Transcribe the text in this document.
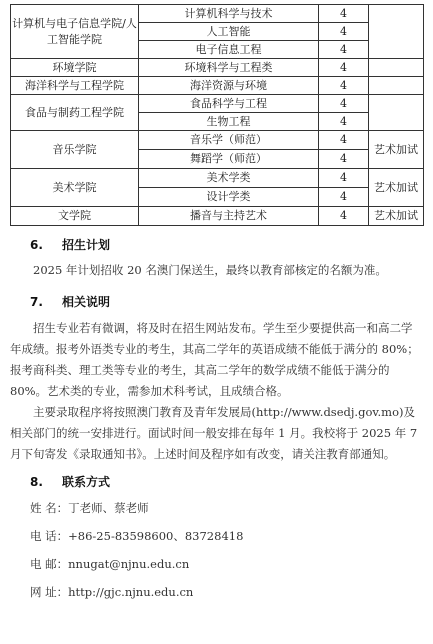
计算机与电子信息学院/人工智能学院	计算机科学与技术	4	
	人工智能	4	
	电子信息工程	4	
环境学院	环境科学与工程类	4	
海洋科学与工程学院	海洋资源与环境	4	
食品与制药工程学院	食品科学与工程	4	
	生物工程	4	
音乐学院	音乐学（师范）	4	艺术加试
	舞蹈学（师范）	4	
美术学院	美术学类	4	艺术加试
	设计学类	4	
文学院	播音与主持艺术	4	艺术加试
6. 招生计划
2025 年计划招收 20 名澳门保送生，最终以教育部核定的名额为准。
7. 相关说明
招生专业若有微调，将及时在招生网站发布。学生至少要提供高一和高二学年成绩。报考外语类专业的考生，其高二学年的英语成绩不能低于满分的 80%；报考商科类、理工类等专业的考生，其高二学年的数学成绩不能低于满分的 80%。艺术类的专业，需参加术科考试，且成绩合格。
主要录取程序将按照澳门教育及青年发展局(http://www.dsedj.gov.mo)及相关部门的统一安排进行。面试时间一般安排在每年 1 月。我校将于 2025 年 7 月下旬寄发《录取通知书》。上述时间及程序如有改变，请关注教育部通知。
8. 联系方式
姓 名：丁老师、蔡老师
电 话：+86-25-83598600、83728418
电 邮：nnugat@njnu.edu.cn
网 址：http://gjc.njnu.edu.cn
